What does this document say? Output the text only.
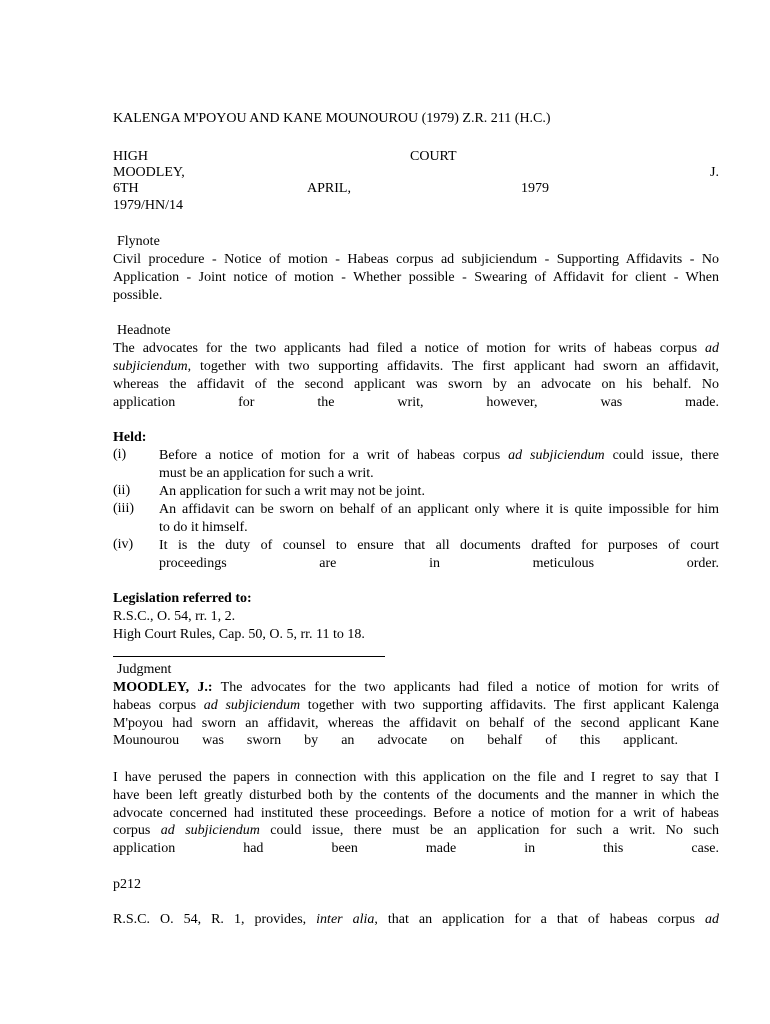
KALENGA M'POYOU AND KANE MOUNOUROU (1979) Z.R. 211 (H.C.)
HIGH	COURT
MOODLEY,	J.
6TH	APRIL,	1979
1979/HN/14
Flynote
Civil procedure - Notice of motion - Habeas corpus ad subjiciendum - Supporting Affidavits - No
Application - Joint notice of motion - Whether possible - Swearing of Affidavit for client - When
possible.
Headnote
The advocates for the two applicants had filed a notice of motion for writs of habeas corpus ad
subjiciendum, together with two supporting affidavits. The first applicant had sworn an affidavit,
whereas the affidavit of the second applicant was sworn by an advocate on his behalf. No
application for the writ, however, was made.
Held:
(i) Before a notice of motion for a writ of habeas corpus ad subjiciendum could issue, there
must be an application for such a writ.
(ii) An application for such a writ may not be joint.
(iii) An affidavit can be sworn on behalf of an applicant only where it is quite impossible for him
to do it himself.
(iv) It is the duty of counsel to ensure that all documents drafted for purposes of court
proceedings are in meticulous order.
Legislation referred to:
R.S.C., O. 54, rr. 1, 2.
High Court Rules, Cap. 50, O. 5, rr. 11 to 18.
Judgment
MOODLEY, J.: The advocates for the two applicants had filed a notice of motion for writs of
habeas corpus ad subjiciendum together with two supporting affidavits. The first applicant Kalenga
M'poyou had sworn an affidavit, whereas the affidavit on behalf of the second applicant Kane
Mounourou was sworn by an advocate on behalf of this applicant.
I have perused the papers in connection with this application on the file and I regret to say that I
have been left greatly disturbed both by the contents of the documents and the manner in which the
advocate concerned had instituted these proceedings. Before a notice of motion for a writ of habeas
corpus ad subjiciendum could issue, there must be an application for such a writ. No such
application had been made in this case.
p212
R.S.C. O. 54, R. 1, provides, inter alia, that an application for a that of habeas corpus ad
